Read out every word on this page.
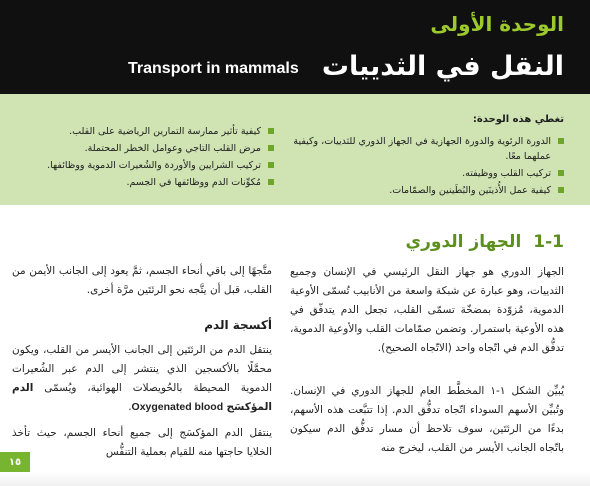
الوحدة الأولى
النقل في الثدييات
Transport in mammals
تغطي هذه الوحدة:
الدورة الرئوية والدورة الجهازية في الجهاز الدوري للثدييات، وكيفية عملهما معًا.
تركيب القلب ووظيفته.
كيفية عمل الأُذينَين والبُطَينين والصمّامات.
كيفية تأثير ممارسة التمارين الرياضية على القلب.
مرض القلب التاجي وعوامل الخطر المحتملة.
تركيب الشرايين والأوردة والشُعيرات الدموية ووظائفها.
مُكوِّنات الدم ووظائفها في الجسم.
1-1الجهاز الدوري

الجهاز الدوري هو جهاز النقل الرئيسي في الإنسان وجميع الثدييات، وهو عبارة عن شبكة واسعة من الأنابيب تُسمّى الأوعية الدموية، مُزوّدة بمضخّة تسمّى القلب، تجعل الدم يتدفّق في هذه الأوعية باستمرار. وتضمن صمّامات القلب والأوعية الدموية، تدفُّق الدم في اتّجاه واحد (الاتّجاه الصحيح).

يُبيِّن الشكل ١-١ المخطَّط العام للجهاز الدوري في الإنسان. وتُبيِّن الأسهم السوداء اتّجاه تدفُّق الدم. إذا تتبَّعت هذه الأسهم، بدءًا من الرئتَين، سوف تلاحظ أن مسار تدفُّق الدم سيكون باتّجاه الجانب الأيسر من القلب، ليخرج منه

متَّجهًا إلى باقي أنحاء الجسم، ثمَّ يعود إلى الجانب الأيمن من القلب، قبل أن يتَّجه نحو الرئتَين مرَّة أخرى.

أكسجة الدم

ينتقل الدم من الرئتَين إلى الجانب الأيسر من القلب، ويكون محمَّلًا بالأكسجين الذي ينتشر إلى الدم عبر الشُعيرات الدموية المحيطة بالحُويصلات الهوائية، ويُسمّى الدم المؤكسَج Oxygenated blood.

ينتقل الدم المؤكسَج إلى جميع أنحاء الجسم، حيث تأخذ الخلايا حاجتها منه للقيام بعملية التنفُّس

١٥
